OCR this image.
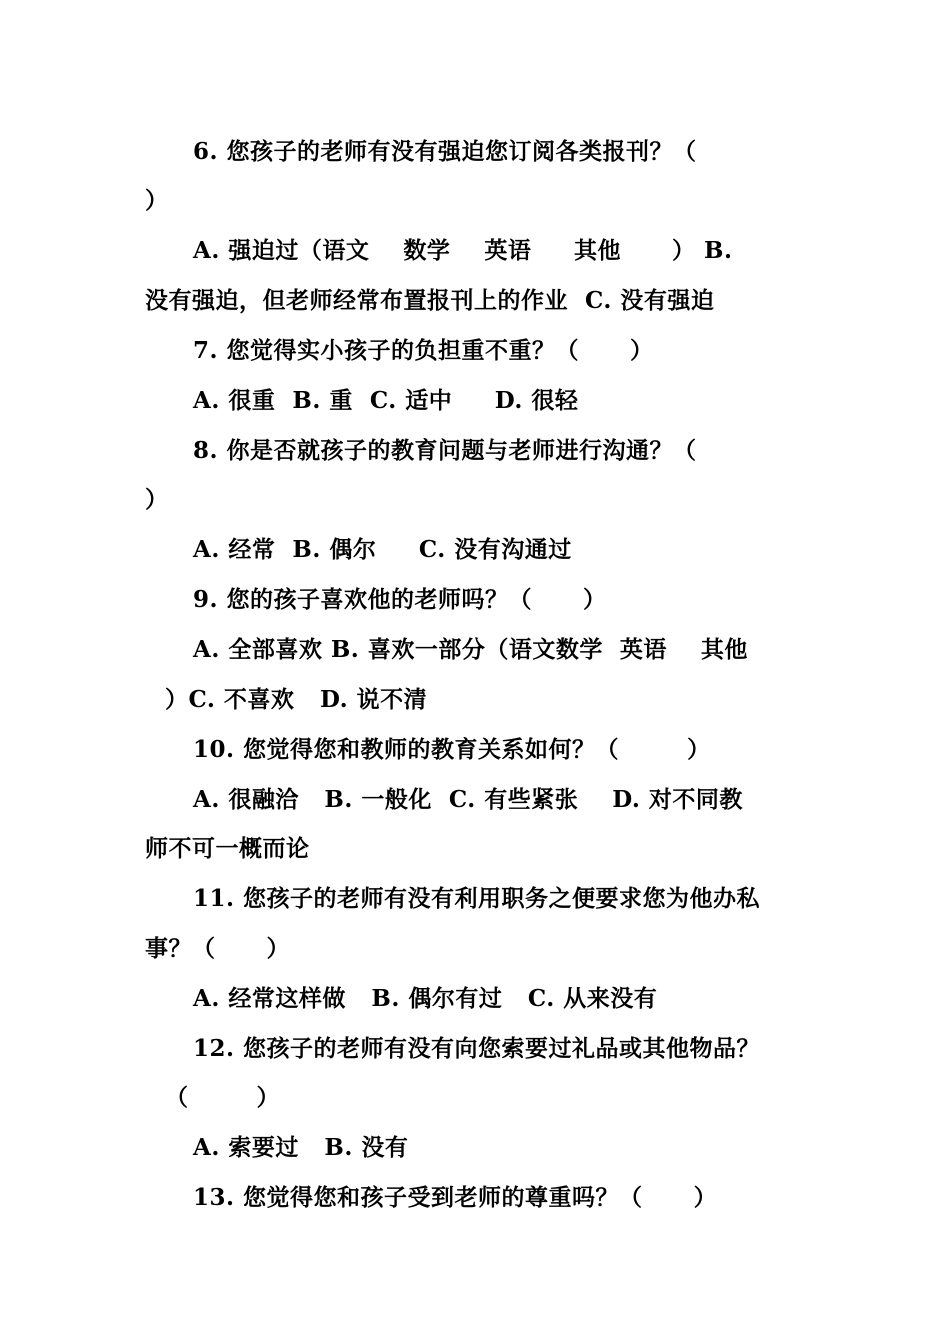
6. 您孩子的老师有没有强迫您订阅各类报刊？（
）
A. 强迫过（语文    数学    英语     其他      ） B.
没有强迫，但老师经常布置报刊上的作业  C. 没有强迫
7. 您觉得实小孩子的负担重不重？（      ）
A. 很重  B. 重  C. 适中     D. 很轻
8. 你是否就孩子的教育问题与老师进行沟通？（
）
A. 经常  B. 偶尔     C. 没有沟通过
9. 您的孩子喜欢他的老师吗？（      ）
A. 全部喜欢 B. 喜欢一部分（语文数学  英语    其他
）C. 不喜欢   D. 说不清
10. 您觉得您和教师的教育关系如何？（        ）
A. 很融洽   B. 一般化  C. 有些紧张    D. 对不同教
师不可一概而论
11. 您孩子的老师有没有利用职务之便要求您为他办私
事？（      ）
A. 经常这样做   B. 偶尔有过   C. 从来没有
12. 您孩子的老师有没有向您索要过礼品或其他物品？
（        ）
A. 索要过   B. 没有
13. 您觉得您和孩子受到老师的尊重吗？（      ）
